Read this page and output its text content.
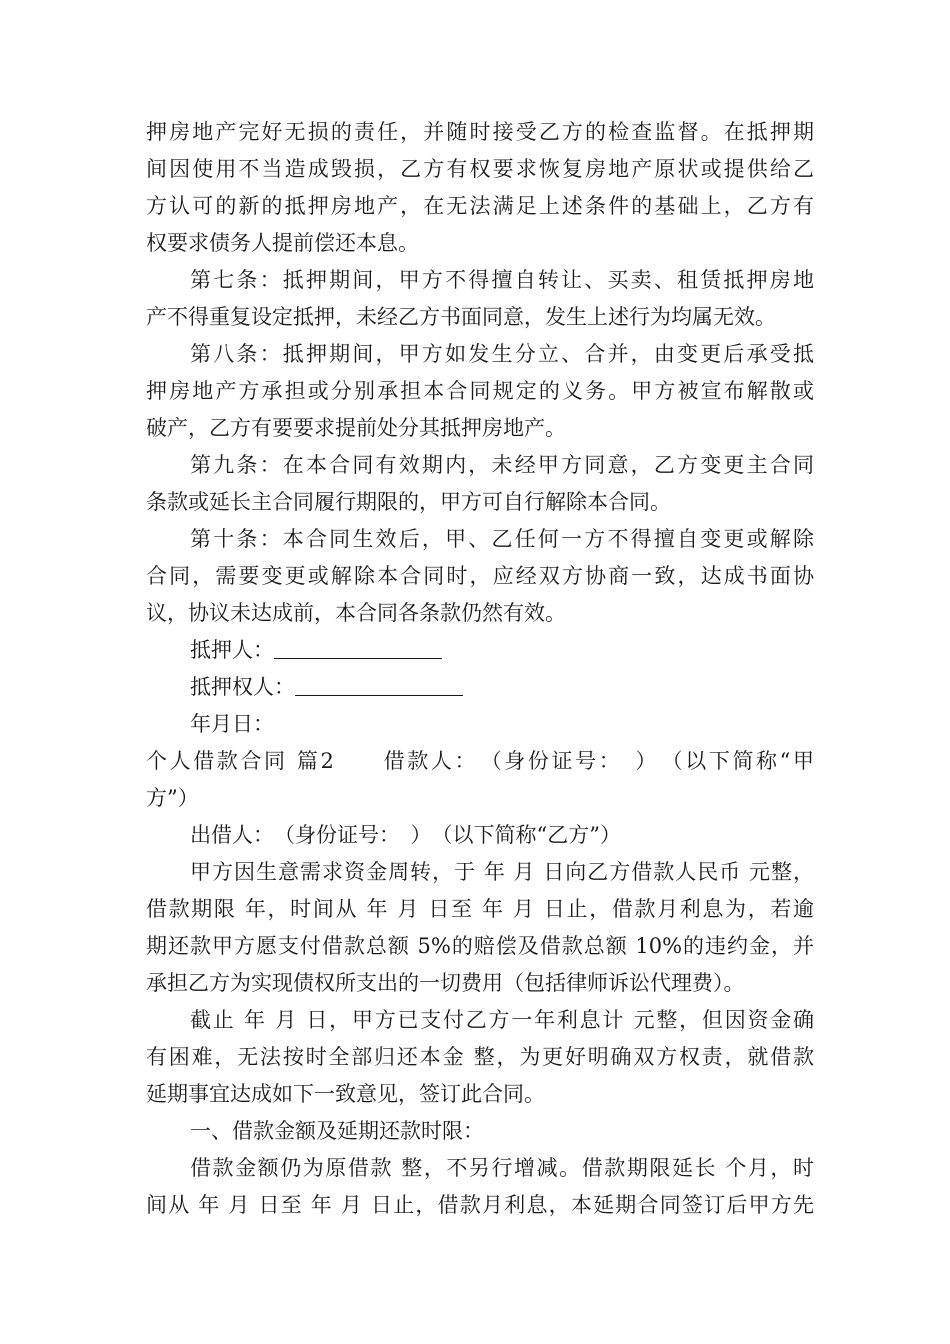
押房地产完好无损的责任，并随时接受乙方的检查监督。在抵押期
间因使用不当造成毁损，乙方有权要求恢复房地产原状或提供给乙
方认可的新的抵押房地产，在无法满足上述条件的基础上，乙方有
权要求债务人提前偿还本息。
第七条：抵押期间，甲方不得擅自转让、买卖、租赁抵押房地
产不得重复设定抵押，未经乙方书面同意，发生上述行为均属无效。
第八条：抵押期间，甲方如发生分立、合并，由变更后承受抵
押房地产方承担或分别承担本合同规定的义务。甲方被宣布解散或
破产，乙方有要要求提前处分其抵押房地产。
第九条：在本合同有效期内，未经甲方同意，乙方变更主合同
条款或延长主合同履行期限的，甲方可自行解除本合同。
第十条：本合同生效后，甲、乙任何一方不得擅自变更或解除
合同，需要变更或解除本合同时，应经双方协商一致，达成书面协
议，协议未达成前，本合同各条款仍然有效。
抵押人：
抵押权人：
年月日：
个人借款合同 篇2　　借款人：　（身份证号：　）　（以下简称“甲
方”）
出借人：　（身份证号：　）　（以下简称“乙方”）
甲方因生意需求资金周转，于 年 月 日向乙方借款人民币 元整，
借款期限 年，时间从 年 月 日至 年 月 日止，借款月利息为，若逾
期还款甲方愿支付借款总额 5%的赔偿及借款总额 10%的违约金，并
承担乙方为实现债权所支出的一切费用（包括律师诉讼代理费）。
截止 年 月 日，甲方已支付乙方一年利息计 元整，但因资金确
有困难，无法按时全部归还本金 整，为更好明确双方权责，就借款
延期事宜达成如下一致意见，签订此合同。
一、借款金额及延期还款时限：
借款金额仍为原借款 整，不另行增减。借款期限延长 个月，时
间从 年 月 日至 年 月 日止，借款月利息，本延期合同签订后甲方先
